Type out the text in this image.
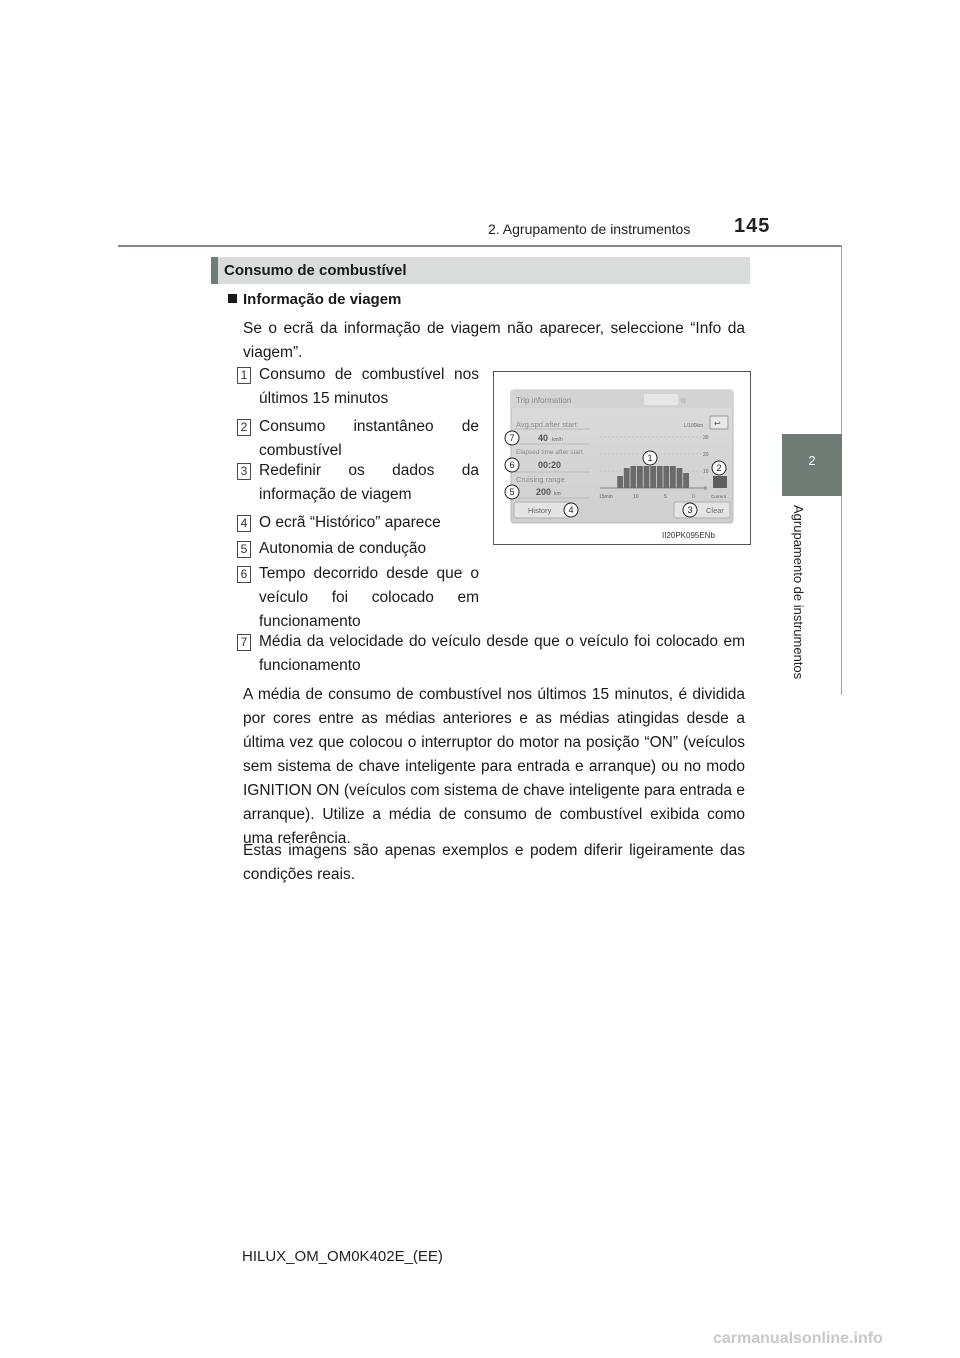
2. Agrupamento de instrumentos 145
2
Agrupamento de instrumentos
Consumo de combustível
Informação de viagem
Se o ecrã da informação de viagem não aparecer, seleccione “Info da viagem”.
1 Consumo de combustível nos últimos 15 minutos
2 Consumo instantâneo de combustível
3 Redefinir os dados da informação de viagem
4 O ecrã “Histórico” aparece
5 Autonomia de condução
6 Tempo decorrido desde que o veículo foi colocado em funcionamento
7 Média da velocidade do veículo desde que o veículo foi colocado em funcionamento
A média de consumo de combustível nos últimos 15 minutos, é dividida por cores entre as médias anteriores e as médias atingidas desde a última vez que colocou o interruptor do motor na posição “ON” (veículos sem sistema de chave inteligente para entrada e arranque) ou no modo IGNITION ON (veículos com sistema de chave inteligente para entrada e arranque). Utilize a média de consumo de combustível exibida como uma referência.
Estas imagens são apenas exemplos e podem diferir ligeiramente das condições reais.
Trip information	⚙
Avg.spd.after start
40 km/h
Elapsed time after start
00:20
Cruising range
200 km
History
L/100km ↩
30
20
10
0
Current
15min	10	5	0
Clear
1
2
3
4
5
6
7
II20PK095ENb
HILUX_OM_OM0K402E_(EE)
carmanualsonline.info
